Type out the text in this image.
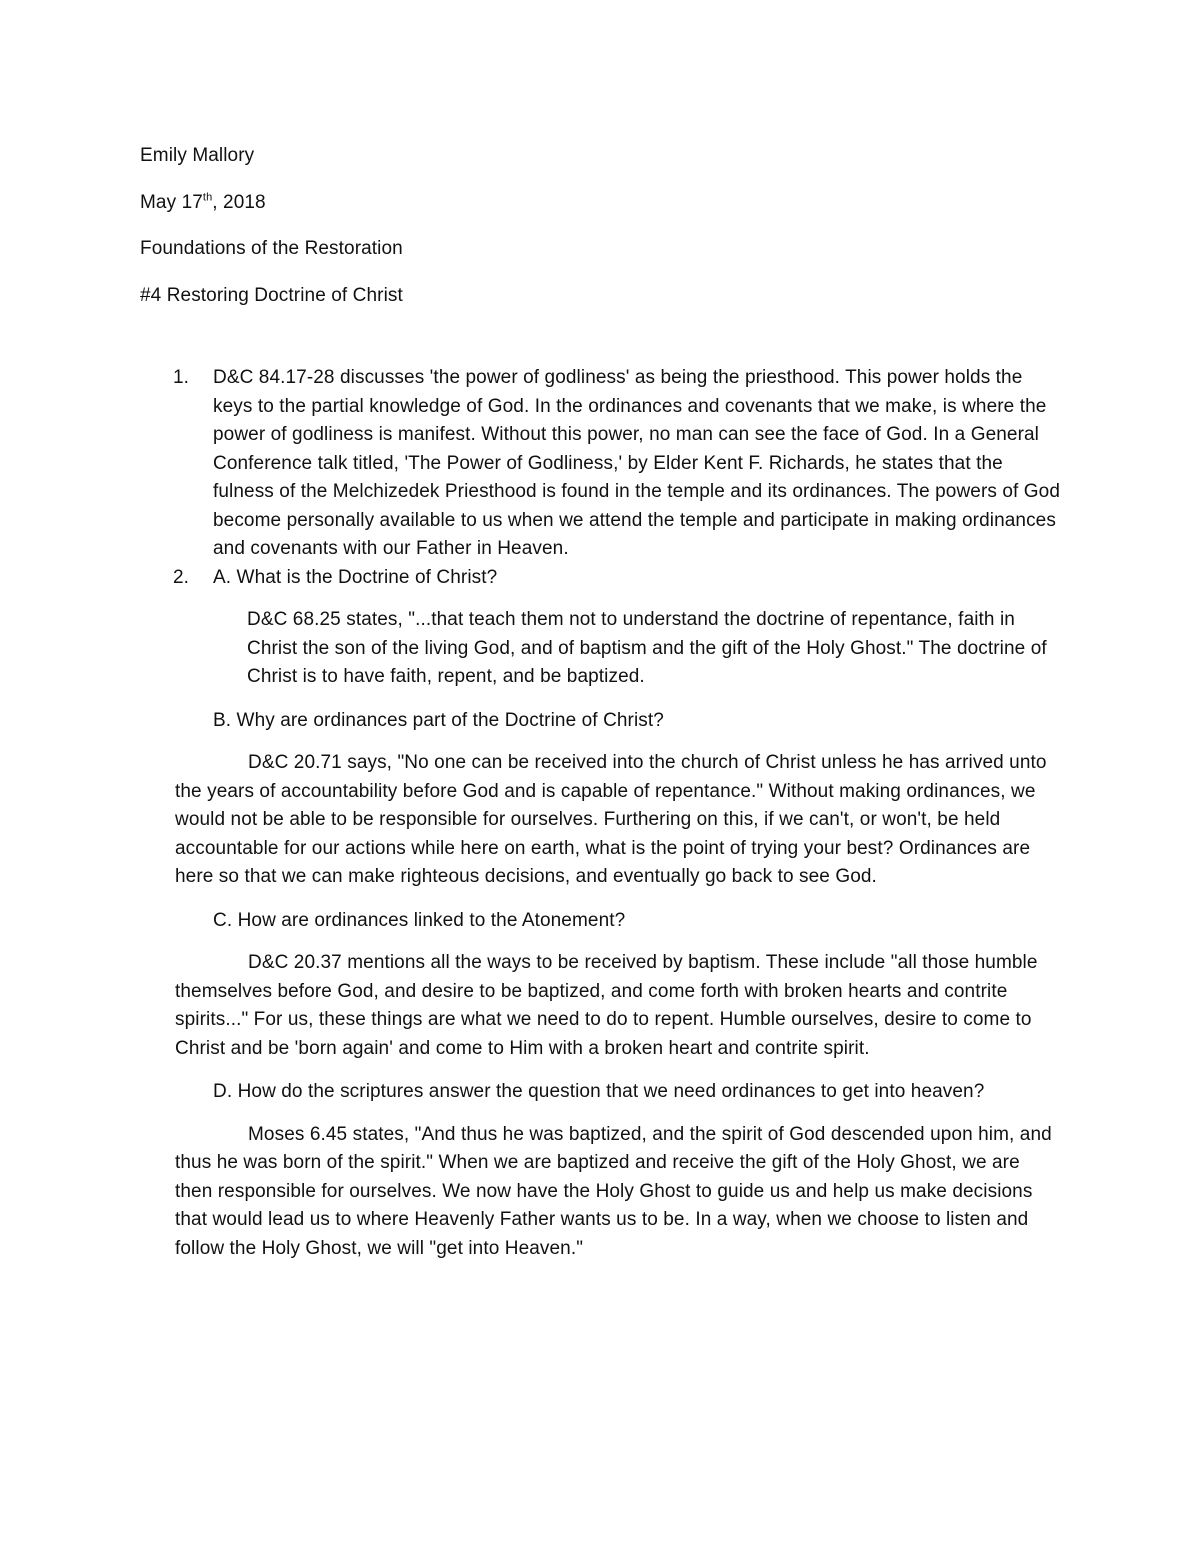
Emily Mallory

May 17th, 2018

Foundations of the Restoration

#4 Restoring Doctrine of Christ

1. D&C 84.17-28 discusses 'the power of godliness' as being the priesthood. This power holds the keys to the partial knowledge of God. In the ordinances and covenants that we make, is where the power of godliness is manifest. Without this power, no man can see the face of God. In a General Conference talk titled, 'The Power of Godliness,' by Elder Kent F. Richards, he states that the fulness of the Melchizedek Priesthood is found in the temple and its ordinances. The powers of God become personally available to us when we attend the temple and participate in making ordinances and covenants with our Father in Heaven.
2. A. What is the Doctrine of Christ?

D&C 68.25 states, "...that teach them not to understand the doctrine of repentance, faith in Christ the son of the living God, and of baptism and the gift of the Holy Ghost." The doctrine of Christ is to have faith, repent, and be baptized.

B. Why are ordinances part of the Doctrine of Christ?

D&C 20.71 says, "No one can be received into the church of Christ unless he has arrived unto the years of accountability before God and is capable of repentance." Without making ordinances, we would not be able to be responsible for ourselves. Furthering on this, if we can't, or won't, be held accountable for our actions while here on earth, what is the point of trying your best? Ordinances are here so that we can make righteous decisions, and eventually go back to see God.

C. How are ordinances linked to the Atonement?

D&C 20.37 mentions all the ways to be received by baptism. These include "all those humble themselves before God, and desire to be baptized, and come forth with broken hearts and contrite spirits..." For us, these things are what we need to do to repent. Humble ourselves, desire to come to Christ and be 'born again' and come to Him with a broken heart and contrite spirit.

D. How do the scriptures answer the question that we need ordinances to get into heaven?

Moses 6.45 states, "And thus he was baptized, and the spirit of God descended upon him, and thus he was born of the spirit." When we are baptized and receive the gift of the Holy Ghost, we are then responsible for ourselves. We now have the Holy Ghost to guide us and help us make decisions that would lead us to where Heavenly Father wants us to be. In a way, when we choose to listen and follow the Holy Ghost, we will "get into Heaven."
